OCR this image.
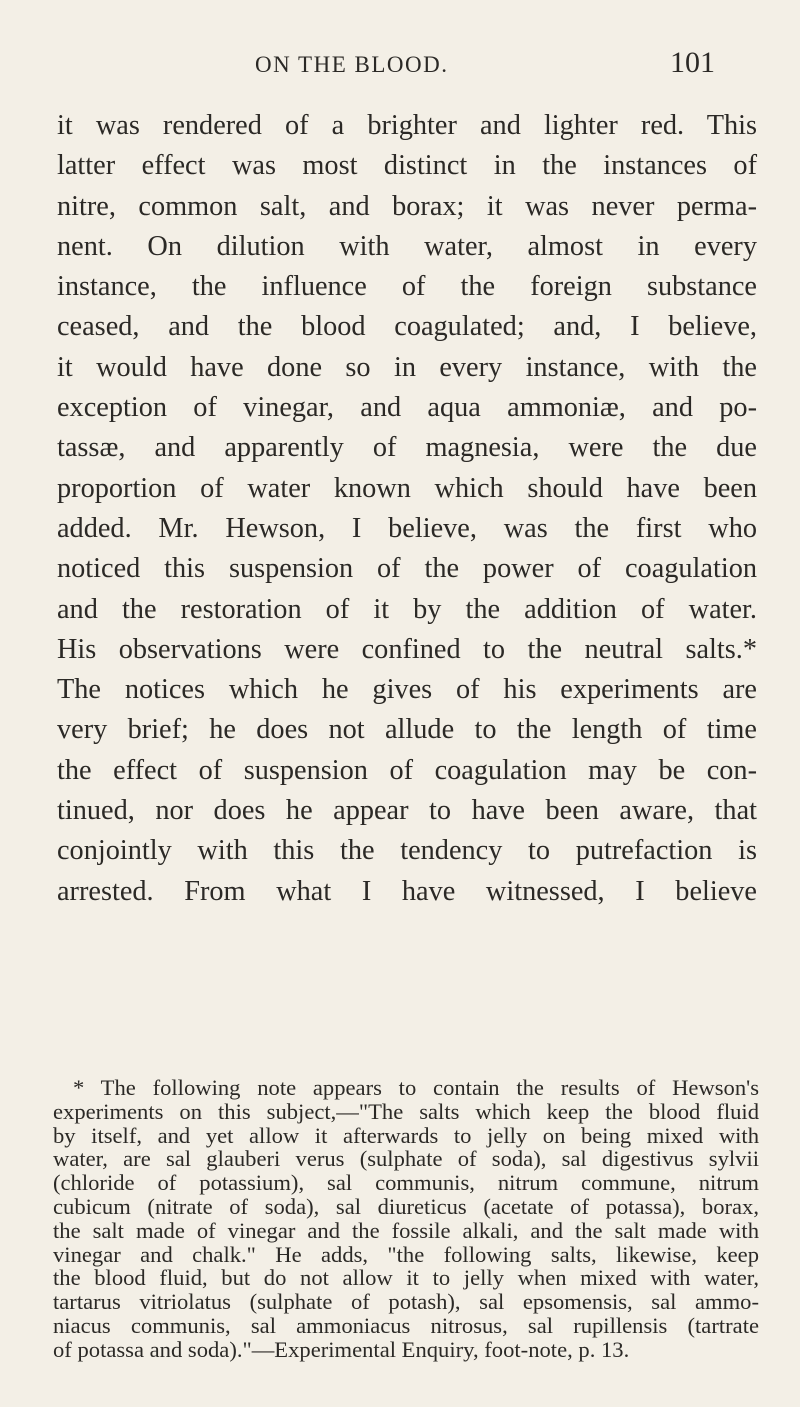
ON THE BLOOD.	101
it was rendered of a brighter and lighter red. This
latter effect was most distinct in the instances of
nitre, common salt, and borax; it was never perma-
nent. On dilution with water, almost in every
instance, the influence of the foreign substance
ceased, and the blood coagulated; and, I believe,
it would have done so in every instance, with the
exception of vinegar, and aqua ammoniæ, and po-
tassæ, and apparently of magnesia, were the due
proportion of water known which should have been
added. Mr. Hewson, I believe, was the first who
noticed this suspension of the power of coagulation
and the restoration of it by the addition of water.
His observations were confined to the neutral salts.*
The notices which he gives of his experiments are
very brief; he does not allude to the length of time
the effect of suspension of coagulation may be con-
tinued, nor does he appear to have been aware, that
conjointly with this the tendency to putrefaction is
arrested. From what I have witnessed, I believe
* The following note appears to contain the results of Hewson's
experiments on this subject,—"The salts which keep the blood fluid
by itself, and yet allow it afterwards to jelly on being mixed with
water, are sal glauberi verus (sulphate of soda), sal digestivus sylvii
(chloride of potassium), sal communis, nitrum commune, nitrum
cubicum (nitrate of soda), sal diureticus (acetate of potassa), borax,
the salt made of vinegar and the fossile alkali, and the salt made with
vinegar and chalk." He adds, "the following salts, likewise, keep
the blood fluid, but do not allow it to jelly when mixed with water,
tartarus vitriolatus (sulphate of potash), sal epsomensis, sal ammo-
niacus communis, sal ammoniacus nitrosus, sal rupillensis (tartrate
of potassa and soda)."—Experimental Enquiry, foot-note, p. 13.
